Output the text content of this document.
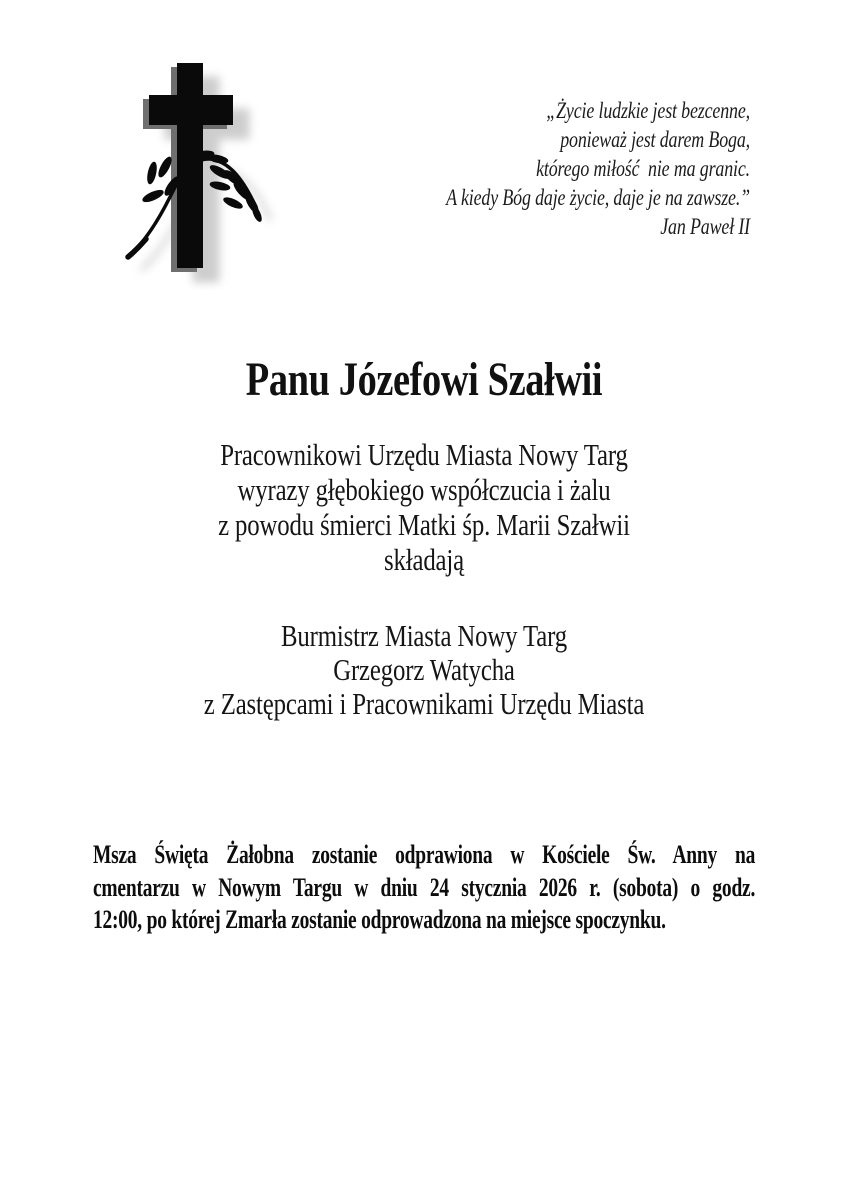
„Życie ludzkie jest bezcenne,
ponieważ jest darem Boga,
którego miłość  nie ma granic.
A kiedy Bóg daje życie, daje je na zawsze.”
Jan Paweł II
Panu Józefowi Szałwii
Pracownikowi Urzędu Miasta Nowy Targ
wyrazy głębokiego współczucia i żalu
z powodu śmierci Matki śp. Marii Szałwii
składają
Burmistrz Miasta Nowy Targ
Grzegorz Watycha
z Zastępcami i Pracownikami Urzędu Miasta
Msza Święta Żałobna zostanie odprawiona w Kościele Św. Anny na
cmentarzu w Nowym Targu w dniu 24 stycznia 2026 r. (sobota) o godz.
12:00, po której Zmarła zostanie odprowadzona na miejsce spoczynku.
